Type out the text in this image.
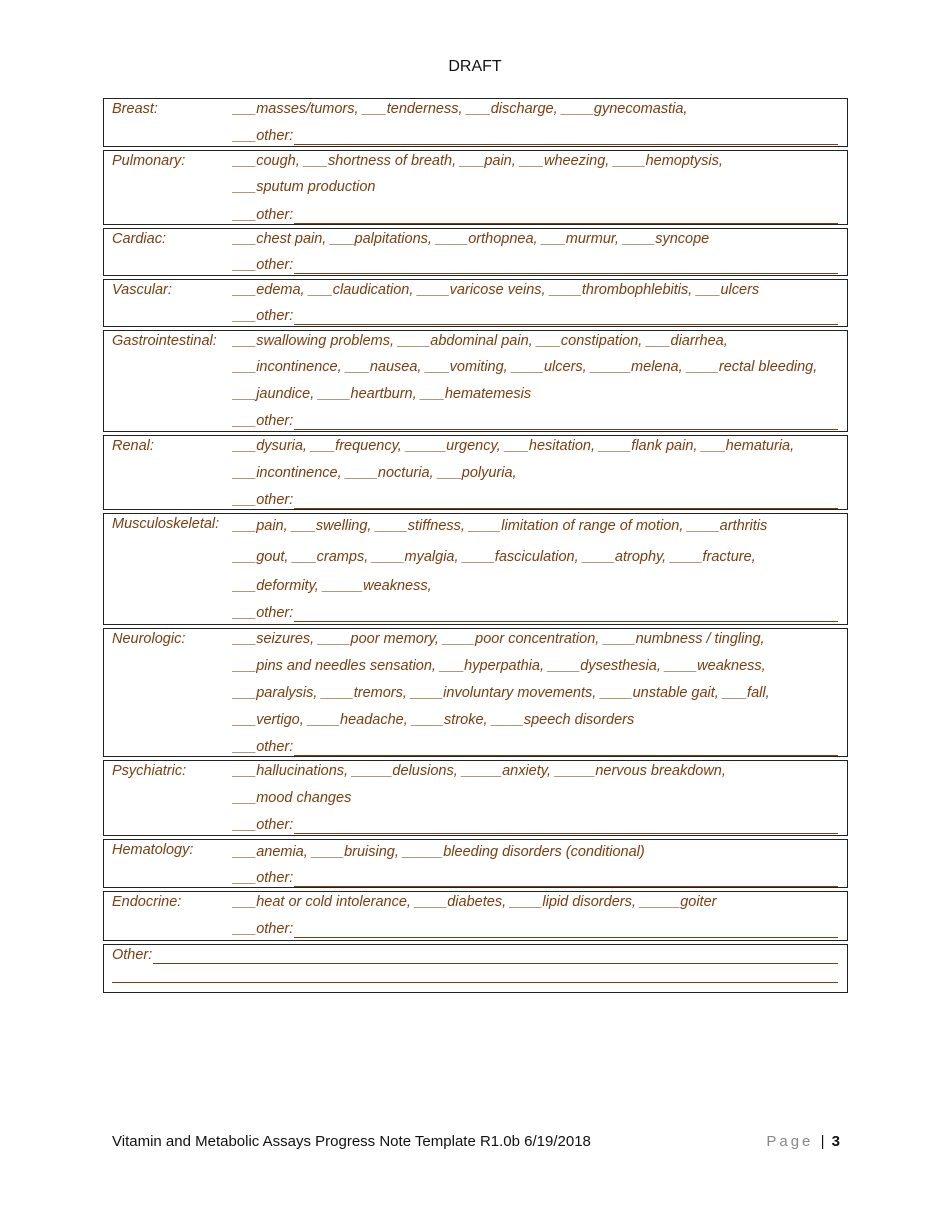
DRAFT
Breast:	___masses/tumors, ___tenderness, ___discharge, ____gynecomastia,
___other:
Pulmonary:	___cough, ___shortness of breath, ___pain, ___wheezing, ____hemoptysis,
___sputum production
___other:
Cardiac:	___chest pain, ___palpitations, ____orthopnea, ___murmur, ____syncope
___other:
Vascular:	___edema, ___claudication, ____varicose veins, ____thrombophlebitis, ___ulcers
___other:
Gastrointestinal:	___swallowing problems, ____abdominal pain, ___constipation, ___diarrhea,
___incontinence, ___nausea, ___vomiting, ____ulcers, _____melena, ____rectal bleeding,
___jaundice, ____heartburn, ___hematemesis
___other:
Renal:	___dysuria, ___frequency, _____urgency, ___hesitation, ____flank pain, ___hematuria,
___incontinence, ____nocturia, ___polyuria,
___other:
Musculoskeletal: ___pain, ___swelling, ____stiffness, ____limitation of range of motion, ____arthritis
___gout, ___cramps, ____myalgia, ____fasciculation, ____atrophy, ____fracture,
___deformity, _____weakness,
___other:
Neurologic:	___seizures, ____poor memory, ____poor concentration, ____numbness / tingling,
___pins and needles sensation, ___hyperpathia, ____dysesthesia, ____weakness,
___paralysis, ____tremors, ____involuntary movements, ____unstable gait, ___fall,
___vertigo, ____headache, ____stroke, ____speech disorders
___other:
Psychiatric:	___hallucinations, _____delusions, _____anxiety, _____nervous breakdown,
___mood changes
___other:
Hematology:	___anemia, ____bruising, _____bleeding disorders (conditional)
___other:
Endocrine:	___heat or cold intolerance, ____diabetes, ____lipid disorders, _____goiter
___other:
Other:
Vitamin and Metabolic Assays Progress Note Template R1.0b 6/19/2018	Page | 3
